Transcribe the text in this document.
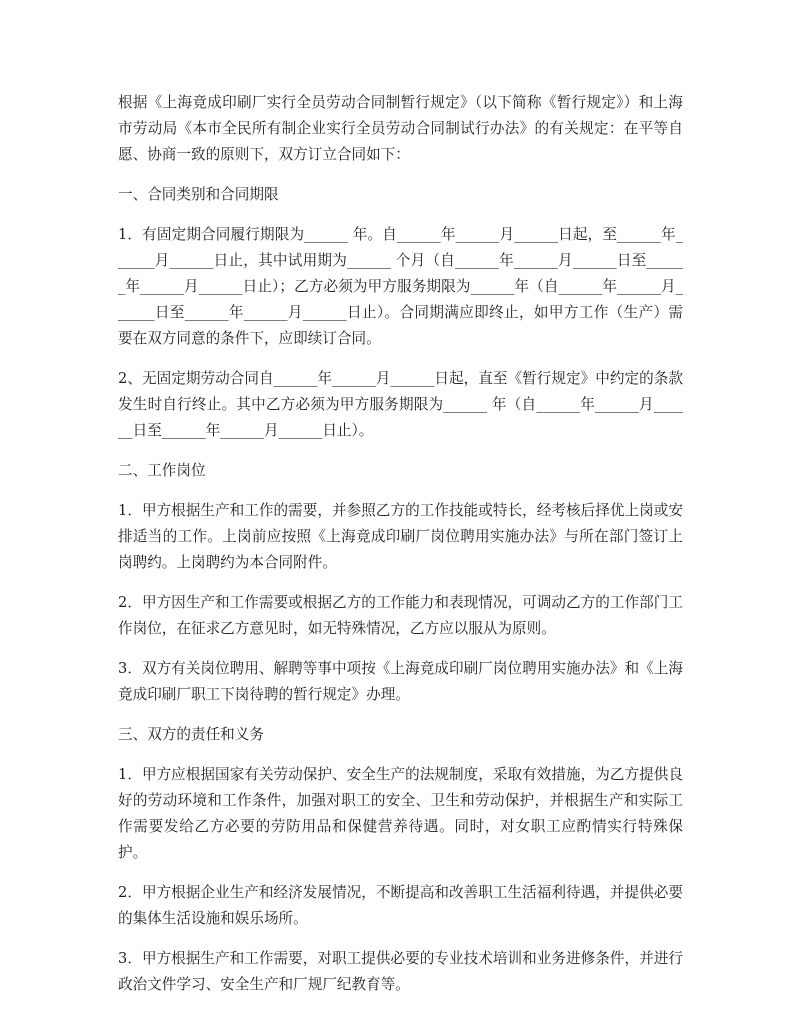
根据《上海竟成印刷厂实行全员劳动合同制暂行规定》（以下简称《暂行规定》）和上海市劳动局《本市全民所有制企业实行全员劳动合同制试行办法》的有关规定：在平等自愿、协商一致的原则下，双方订立合同如下：

一、合同类别和合同期限

1．有固定期合同履行期限为______ 年。自______年______月______日起，至______年______月______日止，其中试用期为______ 个月（自______年______月______日至______年______月______日止）；乙方必须为甲方服务期限为______年（自______年______月______日至______年______月______日止）。合同期满应即终止，如甲方工作（生产）需要在双方同意的条件下，应即续订合同。

2、无固定期劳动合同自______年______月______日起，直至《暂行规定》中约定的条款发生时自行终止。其中乙方必须为甲方服务期限为______ 年（自______年______月______日至______年______月______日止）。

二、工作岗位

1．甲方根据生产和工作的需要，并参照乙方的工作技能或特长，经考核后择优上岗或安排适当的工作。上岗前应按照《上海竟成印刷厂岗位聘用实施办法》与所在部门签订上岗聘约。上岗聘约为本合同附件。

2．甲方因生产和工作需要或根据乙方的工作能力和表现情况，可调动乙方的工作部门工作岗位，在征求乙方意见时，如无特殊情况，乙方应以服从为原则。

3．双方有关岗位聘用、解聘等事中项按《上海竟成印刷厂岗位聘用实施办法》和《上海竟成印刷厂职工下岗待聘的暂行规定》办理。

三、双方的责任和义务

1．甲方应根据国家有关劳动保护、安全生产的法规制度，采取有效措施，为乙方提供良好的劳动环境和工作条件，加强对职工的安全、卫生和劳动保护，并根据生产和实际工作需要发给乙方必要的劳防用品和保健营养待遇。同时，对女职工应酌情实行特殊保护。

2．甲方根据企业生产和经济发展情况，不断提高和改善职工生活福利待遇，并提供必要的集体生活设施和娱乐场所。

3．甲方根据生产和工作需要，对职工提供必要的专业技术培训和业务进修条件，并进行政治文件学习、安全生产和厂规厂纪教育等。
